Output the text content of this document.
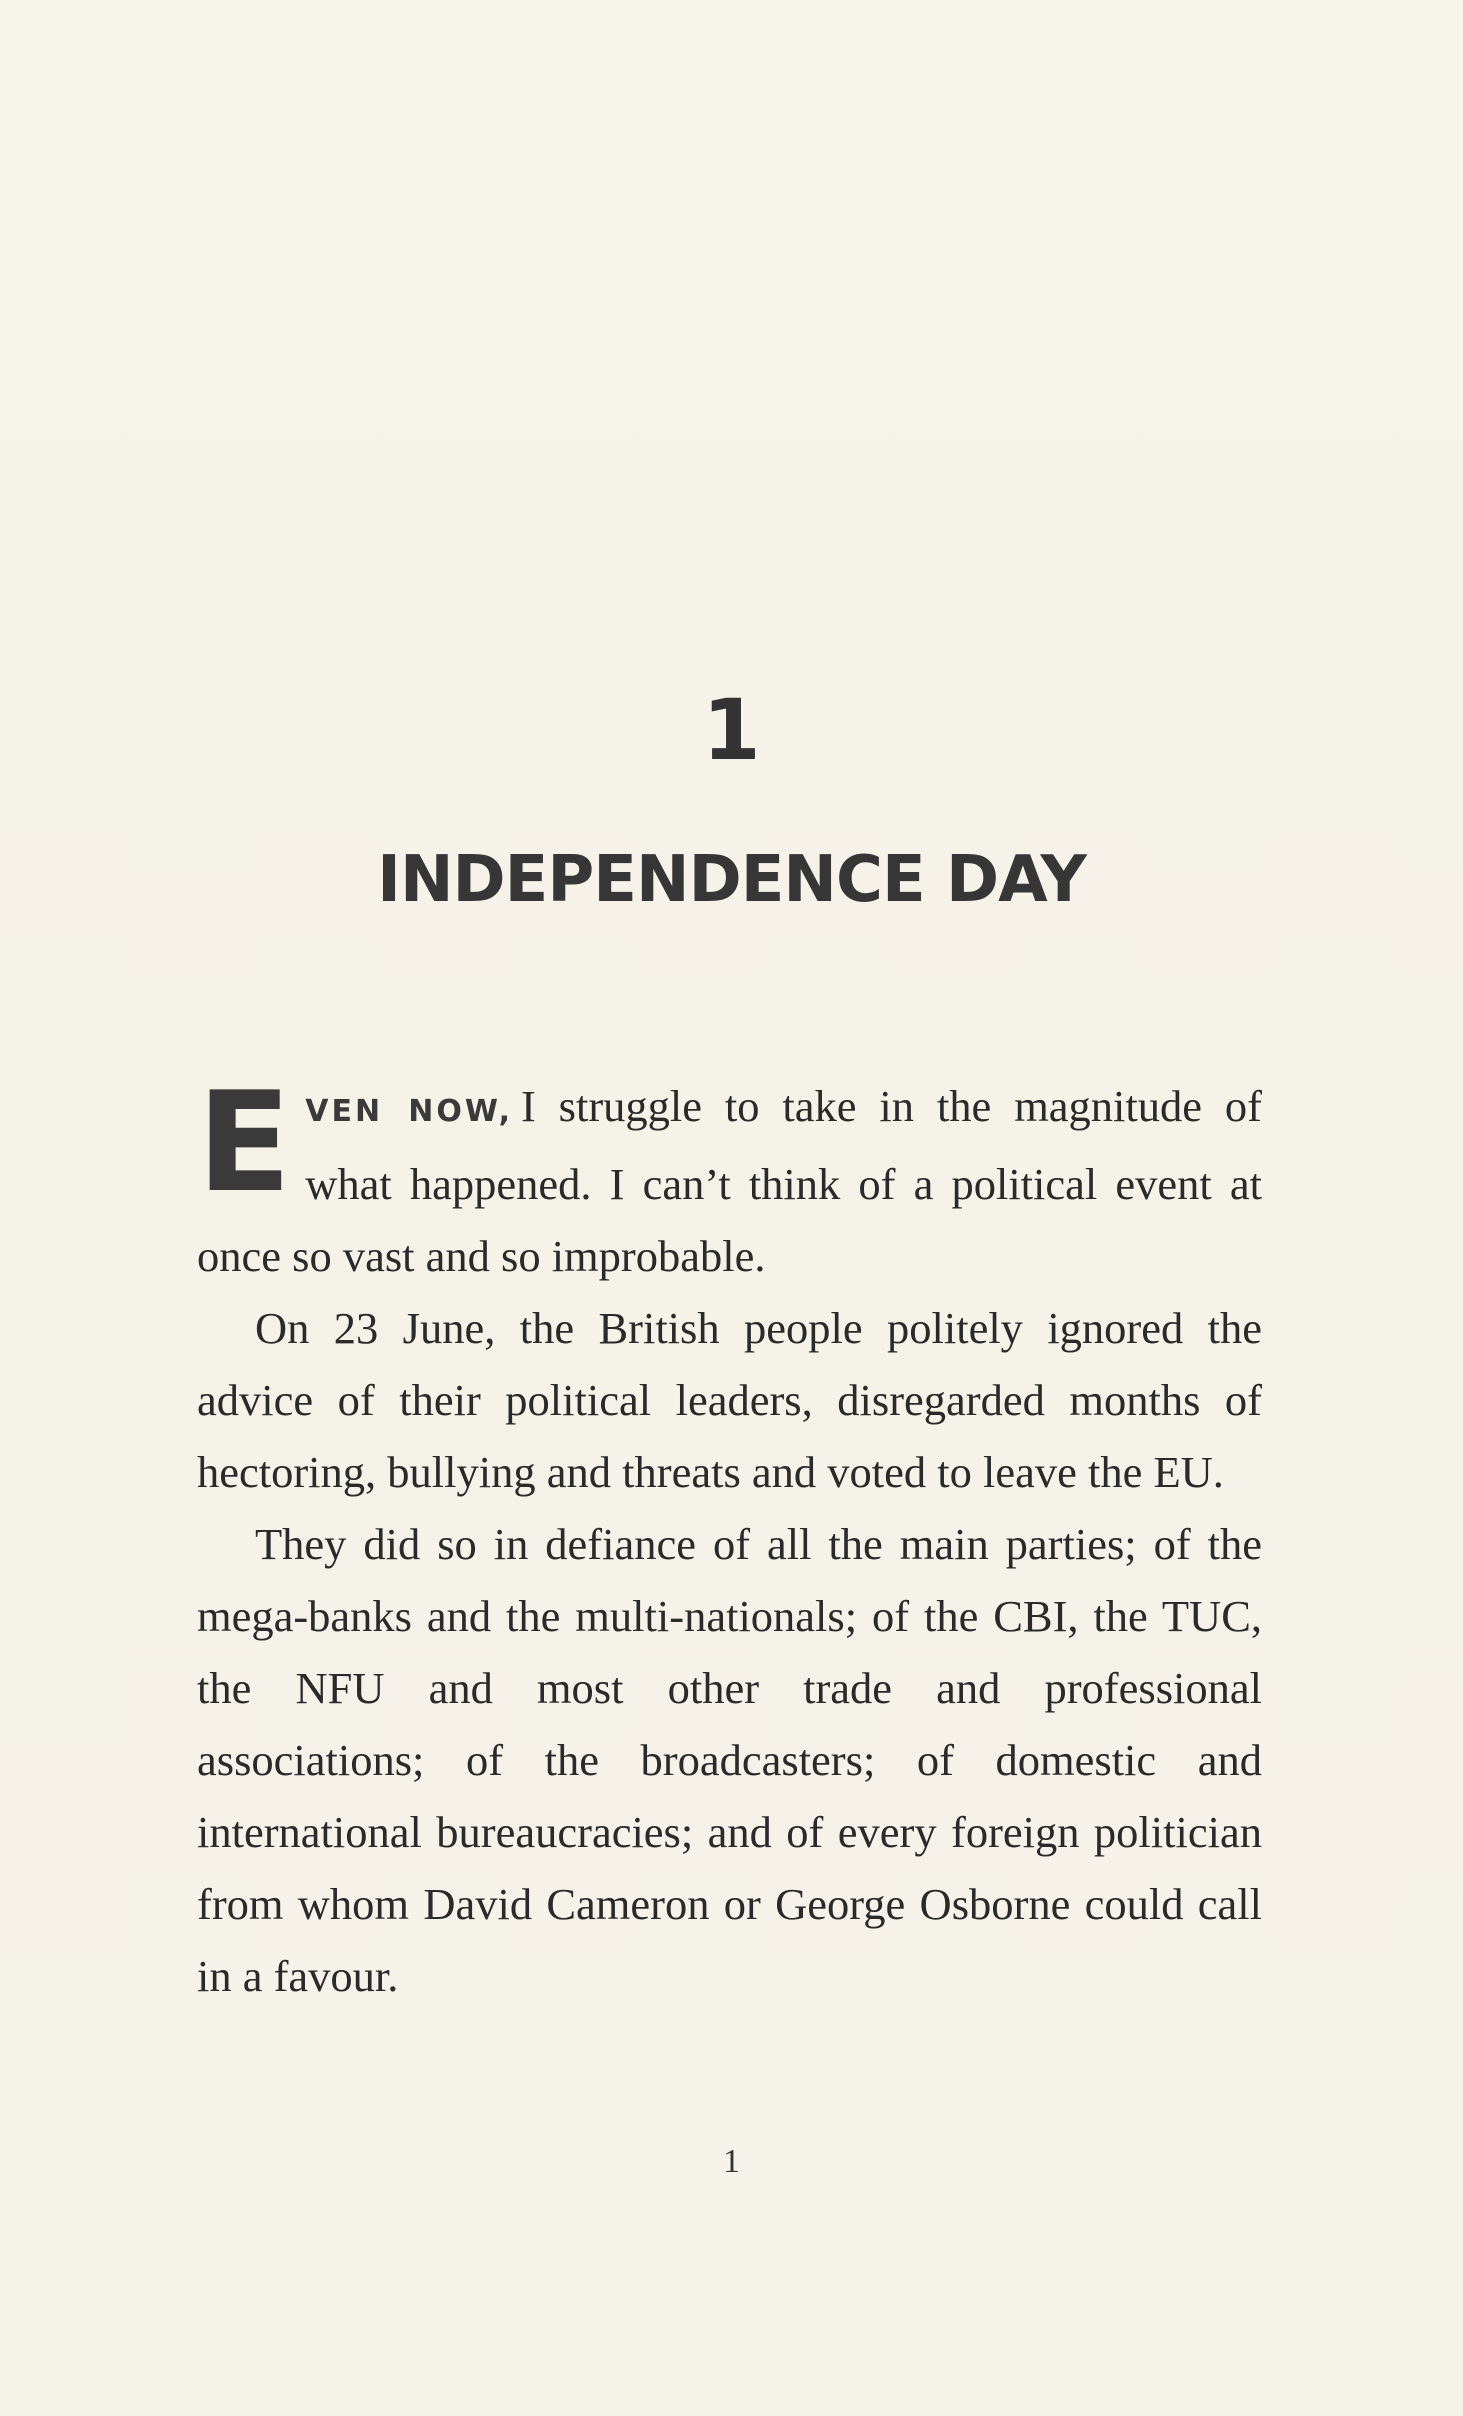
1
INDEPENDENCE DAY

EVEN NOW, I struggle to take in the magnitude of what happened. I can’t think of a political event at once so vast and so improbable.

On 23 June, the British people politely ignored the advice of their political leaders, disregarded months of hectoring, bullying and threats and voted to leave the EU.

They did so in defiance of all the main parties; of the mega-banks and the multi-nationals; of the CBI, the TUC, the NFU and most other trade and professional associations; of the broadcasters; of domestic and international bureaucracies; and of every foreign politician from whom David Cameron or George Osborne could call in a favour.

1
